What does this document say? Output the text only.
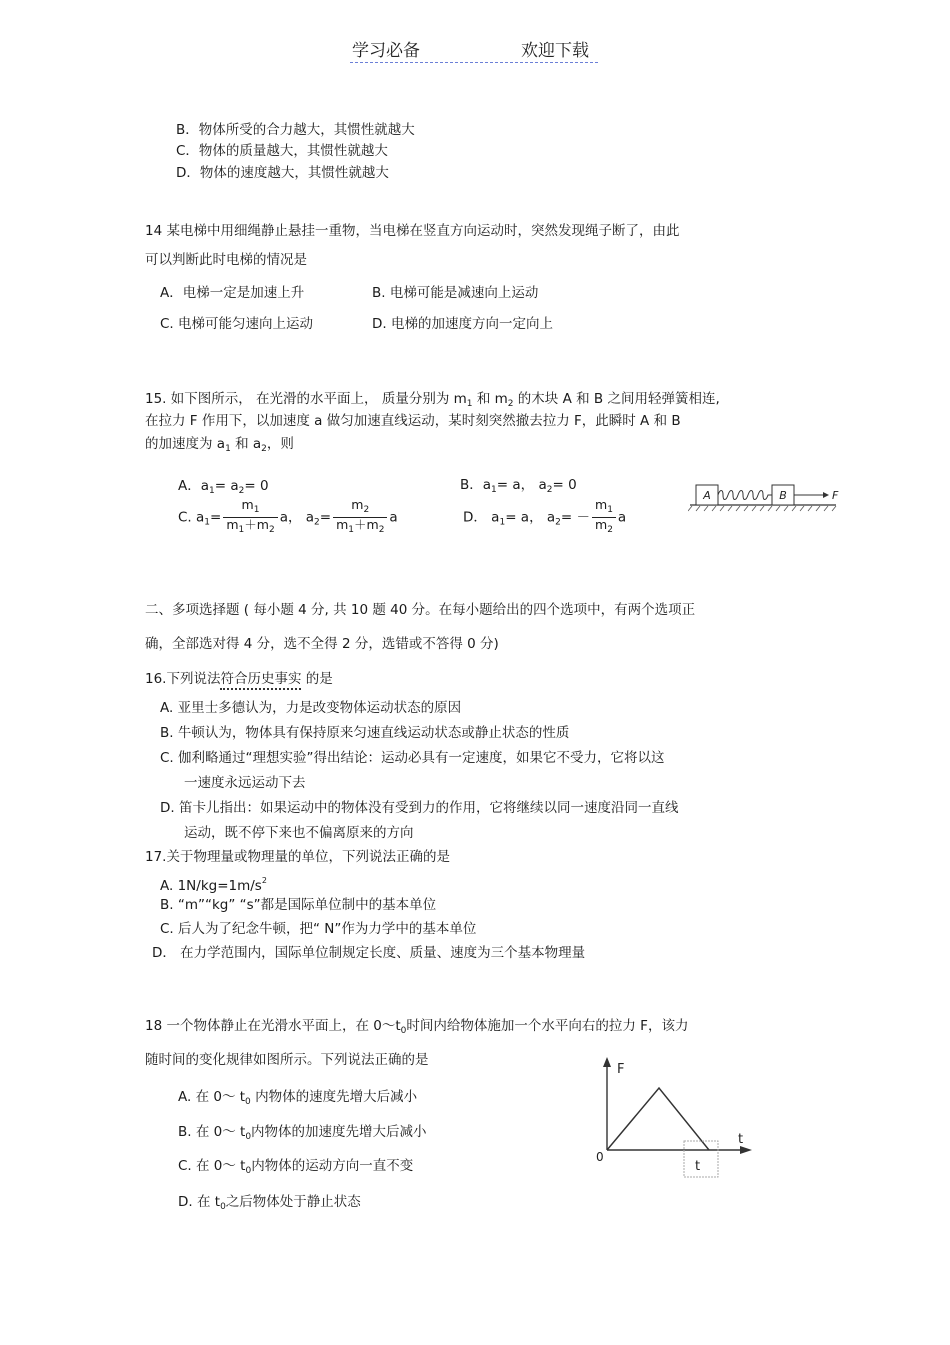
学习必备	欢迎下载
B．物体所受的合力越大，其惯性就越大
C．物体的质量越大，其惯性就越大
D．物体的速度越大，其惯性就越大
14 某电梯中用细绳静止悬挂一重物，当电梯在竖直方向运动时，突然发现绳子断了，由此
可以判断此时电梯的情况是
A．电梯一定是加速上升	B. 电梯可能是减速向上运动
C. 电梯可能匀速向上运动	D. 电梯的加速度方向一定向上
15. 如下图所示， 在光滑的水平面上， 质量分别为 $m_1$ 和 $m_2$ 的木块 A 和 B 之间用轻弹簧相连,
在拉力 F 作用下，以加速度 a 做匀加速直线运动，某时刻突然撤去拉力 F，此瞬时 A 和 B
的加速度为 $a_1$ 和 $a_2$，则
A．$a_1= a_2= 0$	B．$a_1= a$， $a_2= 0$
C. $a_1= \frac{m_1}{m_1+m_2}$ a， $a_2= \frac{m_2}{m_1+m_2}$ a	D． $a_1= a$， $a_2= - \frac{m_1}{m_2}$ a
A	B	F
二、多项选择题 ( 每小题 4 分, 共 10 题 40 分。在每小题给出的四个选项中，有两个选项正
确，全部选对得 4 分，选不全得 2 分，选错或不答得 0 分)
16.下列说法符合历史事实 的是
A. 亚里士多德认为，力是改变物体运动状态的原因
B. 牛顿认为，物体具有保持原来匀速直线运动状态或静止状态的性质
C. 伽利略通过“理想实验”得出结论：运动必具有一定速度，如果它不受力，它将以这
一速度永远运动下去
D. 笛卡儿指出：如果运动中的物体没有受到力的作用，它将继续以同一速度沿同一直线
运动，既不停下来也不偏离原来的方向
17.关于物理量或物理量的单位，下列说法正确的是
A. $1N/kg=1m/s^2$
B. “m”“kg” “s”都是国际单位制中的基本单位
C. 后人为了纪念牛顿，把“ N”作为力学中的基本单位
D． 在力学范围内，国际单位制规定长度、质量、速度为三个基本物理量
18 一个物体静止在光滑水平面上，在 $0\sim t_0$时间内给物体施加一个水平向右的拉力 F，该力
随时间的变化规律如图所示。下列说法正确的是
A. 在 0～ $t_0$ 内物体的速度先增大后减小
B. 在 0～ $t_0$内物体的加速度先增大后减小
C. 在 0～ $t_0$内物体的运动方向一直不变
D. 在 $t_0$之后物体处于静止状态
F
t
0
t
